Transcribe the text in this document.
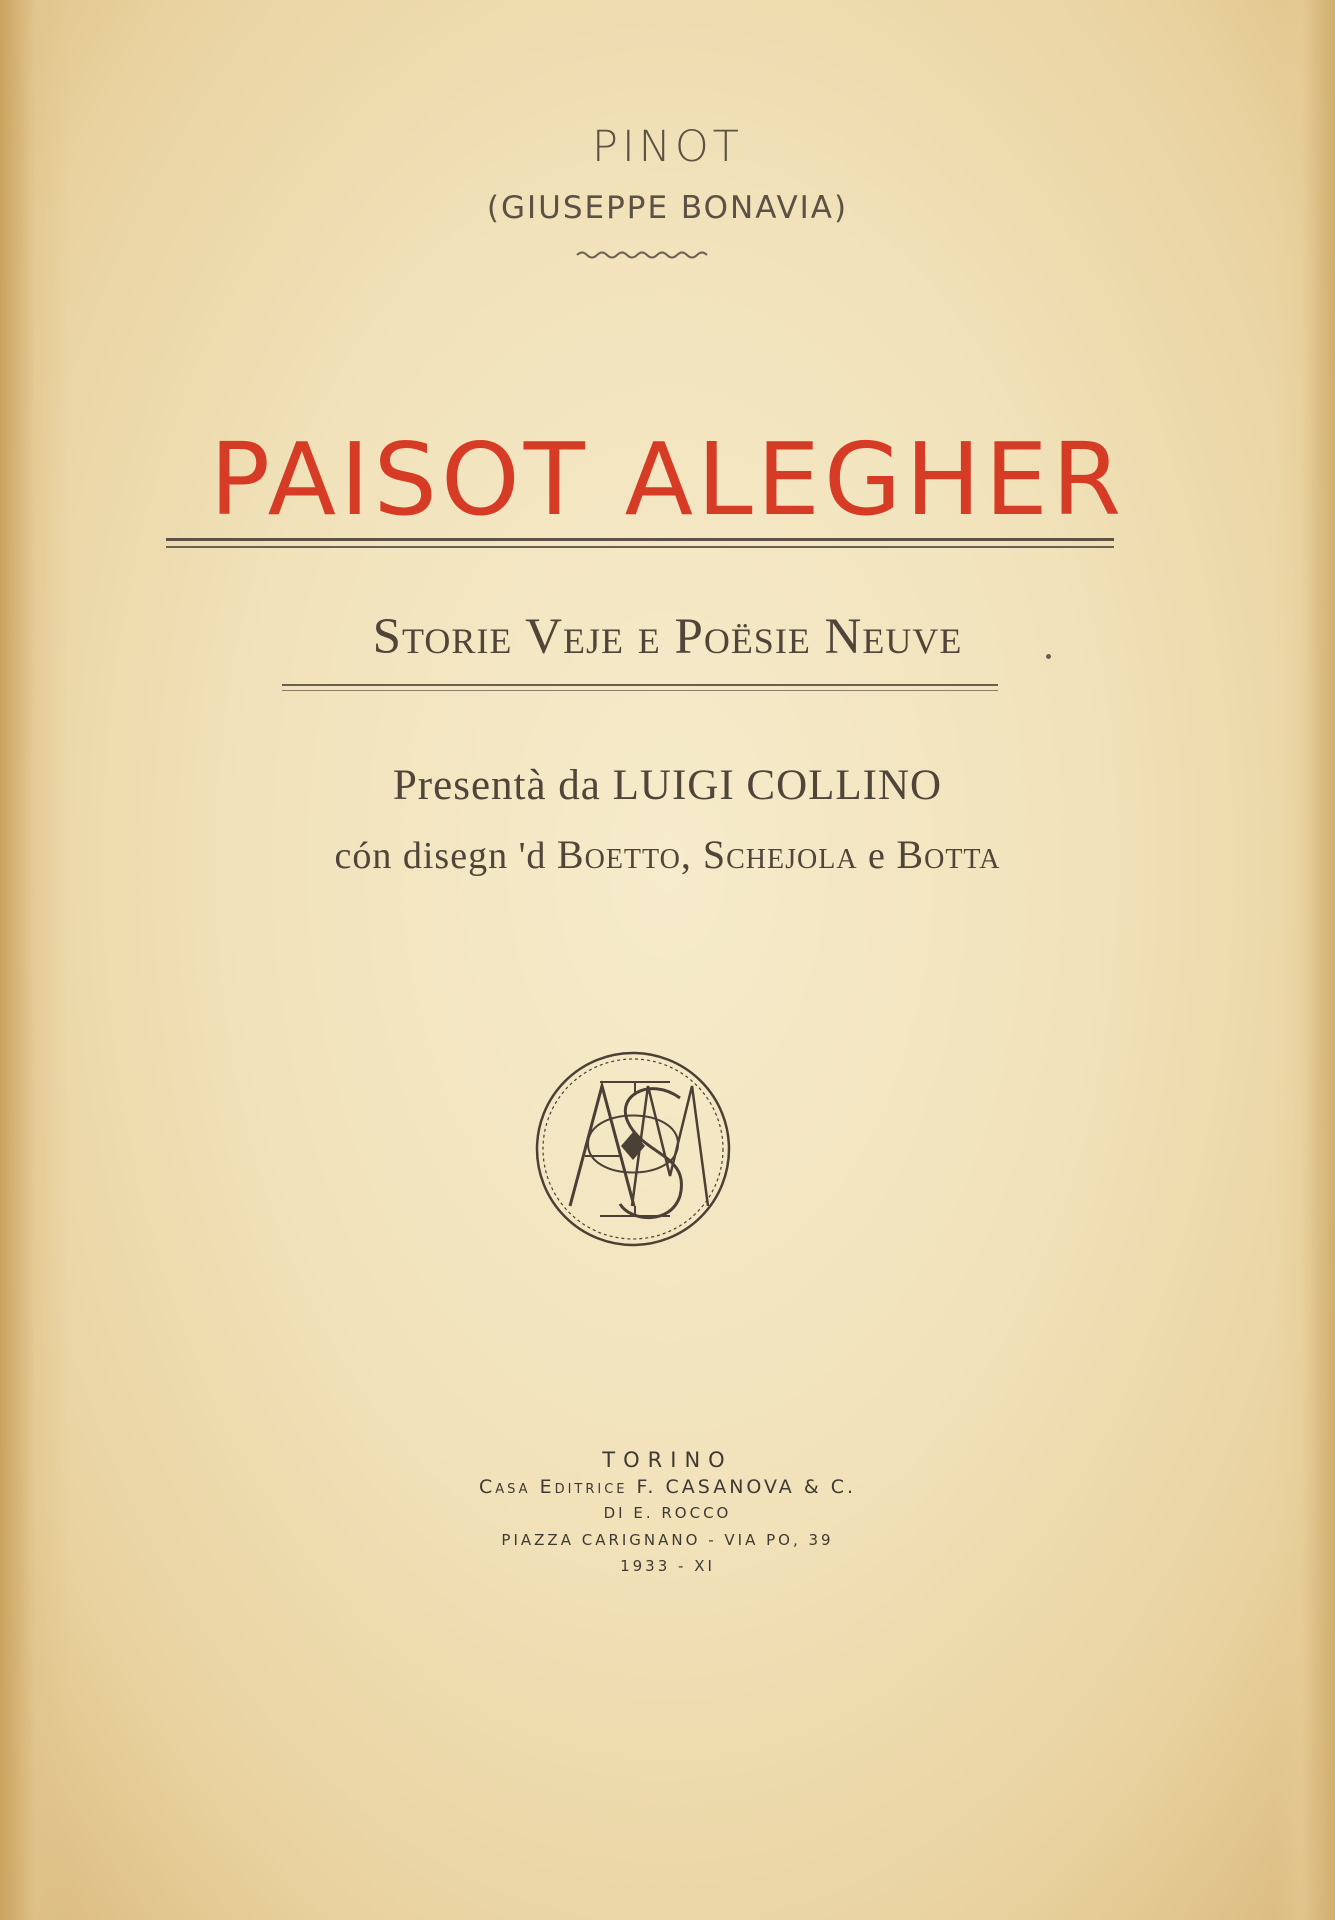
PINOT
(GIUSEPPE BONAVIA)
PAISOT ALEGHER
Storie Veje e Poësie Neuve
Presentà da LUIGI COLLINO
cón disegn 'd Boetto, Schejola e Botta
TORINO
Casa Editrice F. CASANOVA & C.
DI E. ROCCO
PIAZZA CARIGNANO - VIA PO, 39
1933 - XI
